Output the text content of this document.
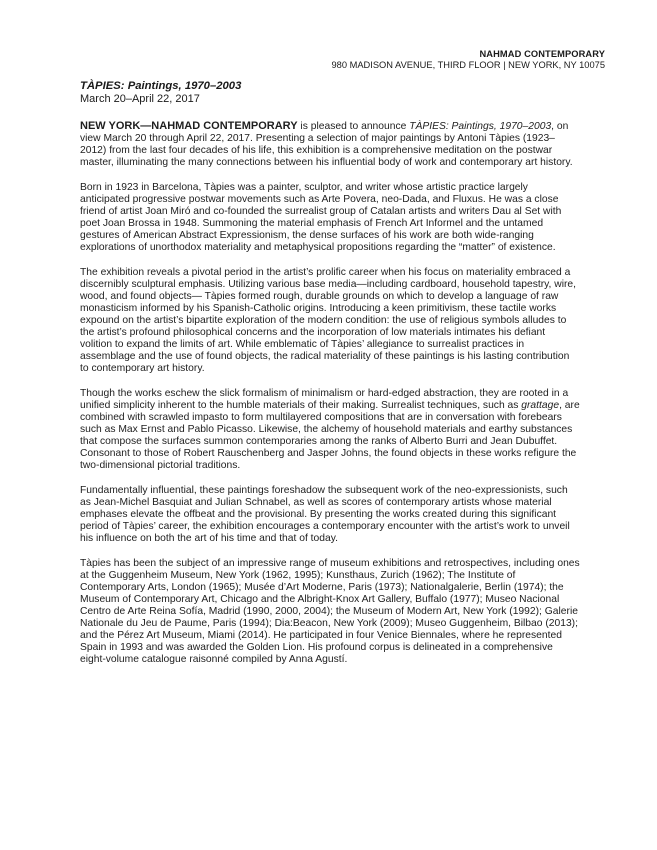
NAHMAD CONTEMPORARY
980 MADISON AVENUE, THIRD FLOOR | NEW YORK, NY 10075
TÀPIES: Paintings, 1970–2003
March 20–April 22, 2017

NEW YORK—NAHMAD CONTEMPORARY is pleased to announce TÀPIES: Paintings, 1970–2003, on view March 20 through April 22, 2017. Presenting a selection of major paintings by Antoni Tàpies (1923–2012) from the last four decades of his life, this exhibition is a comprehensive meditation on the postwar master, illuminating the many connections between his influential body of work and contemporary art history.

Born in 1923 in Barcelona, Tàpies was a painter, sculptor, and writer whose artistic practice largely anticipated progressive postwar movements such as Arte Povera, neo-Dada, and Fluxus. He was a close friend of artist Joan Miró and co-founded the surrealist group of Catalan artists and writers Dau al Set with poet Joan Brossa in 1948. Summoning the material emphasis of French Art Informel and the untamed gestures of American Abstract Expressionism, the dense surfaces of his work are both wide-ranging explorations of unorthodox materiality and metaphysical propositions regarding the “matter” of existence.

The exhibition reveals a pivotal period in the artist’s prolific career when his focus on materiality embraced a discernibly sculptural emphasis. Utilizing various base media—including cardboard, household tapestry, wire, wood, and found objects— Tàpies formed rough, durable grounds on which to develop a language of raw monasticism informed by his Spanish-Catholic origins. Introducing a keen primitivism, these tactile works expound on the artist’s bipartite exploration of the modern condition: the use of religious symbols alludes to the artist’s profound philosophical concerns and the incorporation of low materials intimates his defiant volition to expand the limits of art. While emblematic of Tàpies’ allegiance to surrealist practices in assemblage and the use of found objects, the radical materiality of these paintings is his lasting contribution to contemporary art history.

Though the works eschew the slick formalism of minimalism or hard-edged abstraction, they are rooted in a unified simplicity inherent to the humble materials of their making. Surrealist techniques, such as grattage, are combined with scrawled impasto to form multilayered compositions that are in conversation with forebears such as Max Ernst and Pablo Picasso. Likewise, the alchemy of household materials and earthy substances that compose the surfaces summon contemporaries among the ranks of Alberto Burri and Jean Dubuffet. Consonant to those of Robert Rauschenberg and Jasper Johns, the found objects in these works refigure the two-dimensional pictorial traditions.

Fundamentally influential, these paintings foreshadow the subsequent work of the neo-expressionists, such as Jean-Michel Basquiat and Julian Schnabel, as well as scores of contemporary artists whose material emphases elevate the offbeat and the provisional. By presenting the works created during this significant period of Tàpies’ career, the exhibition encourages a contemporary encounter with the artist’s work to unveil his influence on both the art of his time and that of today.

Tàpies has been the subject of an impressive range of museum exhibitions and retrospectives, including ones at the Guggenheim Museum, New York (1962, 1995); Kunsthaus, Zurich (1962); The Institute of Contemporary Arts, London (1965); Musée d’Art Moderne, Paris (1973); Nationalgalerie, Berlin (1974); the Museum of Contemporary Art, Chicago and the Albright-Knox Art Gallery, Buffalo (1977); Museo Nacional Centro de Arte Reina Sofía, Madrid (1990, 2000, 2004); the Museum of Modern Art, New York (1992); Galerie Nationale du Jeu de Paume, Paris (1994); Dia:Beacon, New York (2009); Museo Guggenheim, Bilbao (2013); and the Pérez Art Museum, Miami (2014). He participated in four Venice Biennales, where he represented Spain in 1993 and was awarded the Golden Lion. His profound corpus is delineated in a comprehensive eight-volume catalogue raisonné compiled by Anna Agustí.
